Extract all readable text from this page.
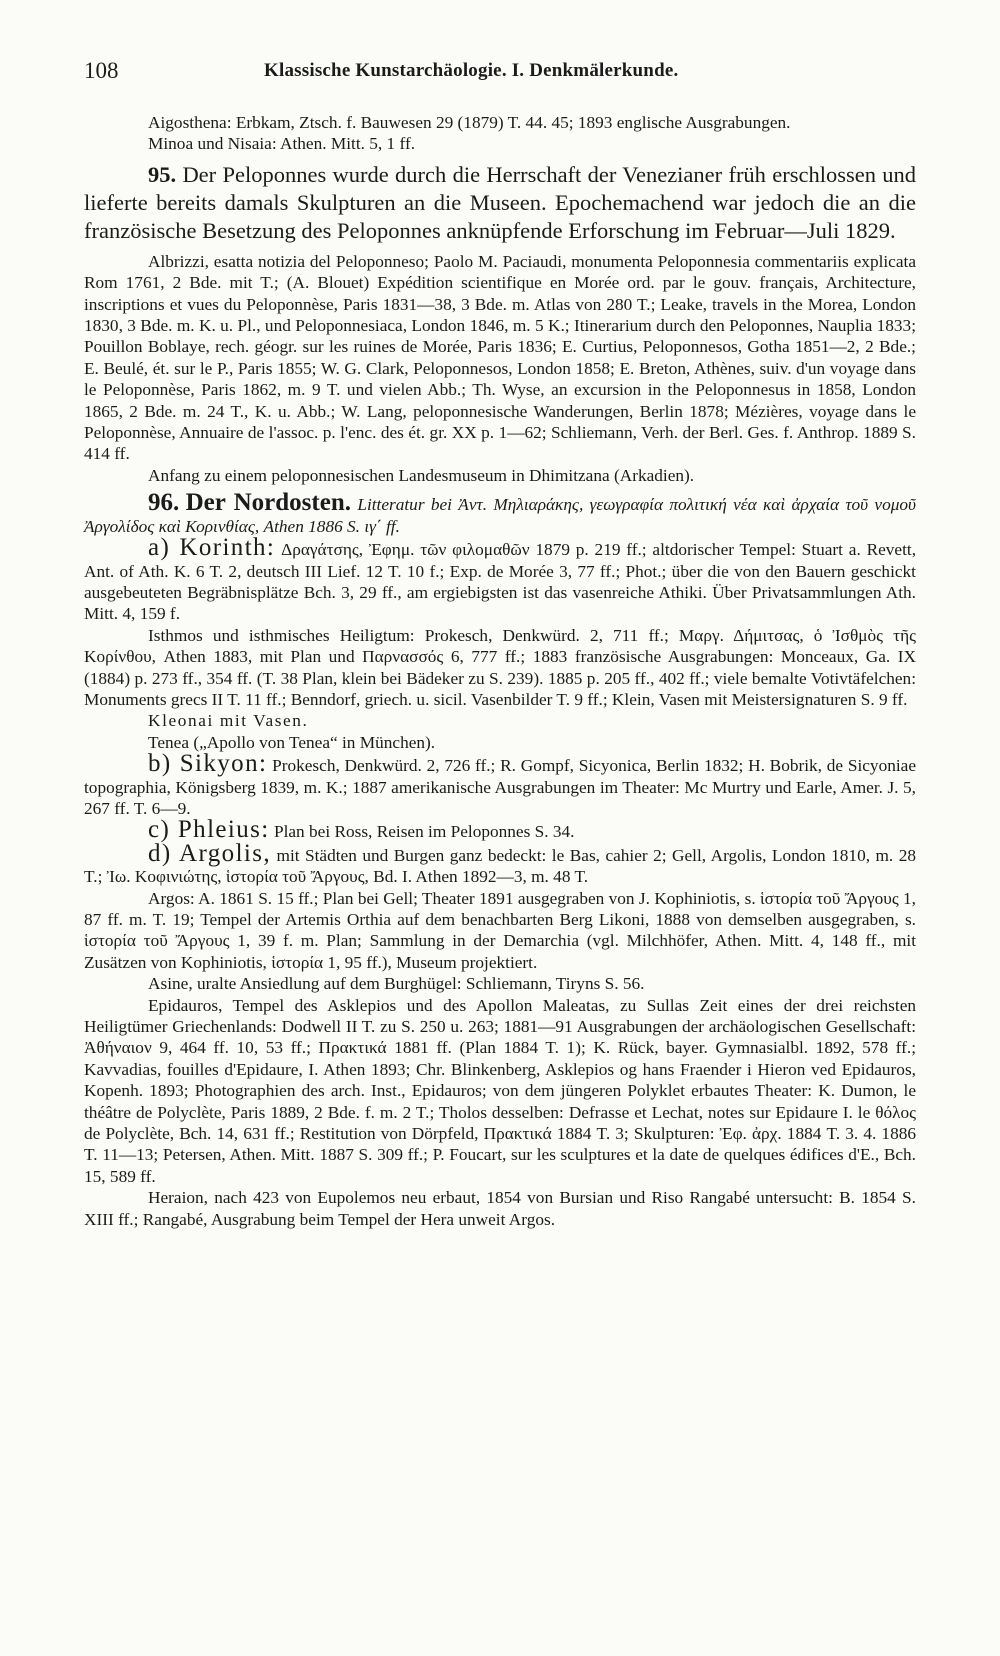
108	Klassische Kunstarchäologie. I. Denkmälerkunde.

Aigosthena: Erbkam, Ztsch. f. Bauwesen 29 (1879) T. 44. 45; 1893 englische Ausgrabungen.

Minoa und Nisaia: Athen. Mitt. 5, 1 ff.

95. Der Peloponnes wurde durch die Herrschaft der Venezianer früh erschlossen und lieferte bereits damals Skulpturen an die Museen. Epochemachend war jedoch die an die französische Besetzung des Peloponnes anknüpfende Erforschung im Februar—Juli 1829.

Albrizzi, esatta notizia del Peloponneso; Paolo M. Paciaudi, monumenta Peloponnesia commentariis explicata Rom 1761, 2 Bde. mit T.; (A. Blouet) Expédition scientifique en Morée ord. par le gouv. français, Architecture, inscriptions et vues du Peloponnèse, Paris 1831—38, 3 Bde. m. Atlas von 280 T.; Leake, travels in the Morea, London 1830, 3 Bde. m. K. u. Pl., und Peloponnesiaca, London 1846, m. 5 K.; Itinerarium durch den Peloponnes, Nauplia 1833; Pouillon Boblaye, rech. géogr. sur les ruines de Morée, Paris 1836; E. Curtius, Peloponnesos, Gotha 1851—2, 2 Bde.; E. Beulé, ét. sur le P., Paris 1855; W. G. Clark, Peloponnesos, London 1858; E. Breton, Athènes, suiv. d'un voyage dans le Peloponnèse, Paris 1862, m. 9 T. und vielen Abb.; Th. Wyse, an excursion in the Peloponnesus in 1858, London 1865, 2 Bde. m. 24 T., K. u. Abb.; W. Lang, peloponnesische Wanderungen, Berlin 1878; Mézières, voyage dans le Peloponnèse, Annuaire de l'assoc. p. l'enc. des ét. gr. XX p. 1—62; Schliemann, Verh. der Berl. Ges. f. Anthrop. 1889 S. 414 ff.

Anfang zu einem peloponnesischen Landesmuseum in Dhimitzana (Arkadien).

96. Der Nordosten. Litteratur bei Ἀντ. Μηλιαράκης, γεωγραφία πολιτική νέα καὶ ἀρχαία τοῦ νομοῦ Ἀργολίδος καὶ Κορινθίας, Athen 1886 S. ιγ΄ ff.

a) Korinth: Δραγάτσης, Ἐφημ. τῶν φιλομαθῶν 1879 p. 219 ff.; altdorischer Tempel: Stuart a. Revett, Ant. of Ath. K. 6 T. 2, deutsch III Lief. 12 T. 10 f.; Exp. de Morée 3, 77 ff.; Phot.; über die von den Bauern geschickt ausgebeuteten Begräbnisplätze Bch. 3, 29 ff., am ergiebigsten ist das vasenreiche Athiki. Über Privatsammlungen Ath. Mitt. 4, 159 f.

Isthmos und isthmisches Heiligtum: Prokesch, Denkwürd. 2, 711 ff.; Μαργ. Δήμιτσας, ὁ Ἰσθμὸς τῆς Κορίνθου, Athen 1883, mit Plan und Παρνασσός 6, 777 ff.; 1883 französische Ausgrabungen: Monceaux, Ga. IX (1884) p. 273 ff., 354 ff. (T. 38 Plan, klein bei Bädeker zu S. 239). 1885 p. 205 ff., 402 ff.; viele bemalte Votivtäfelchen: Monuments grecs II T. 11 ff.; Benndorf, griech. u. sicil. Vasenbilder T. 9 ff.; Klein, Vasen mit Meistersignaturen S. 9 ff.

Kleonai mit Vasen.

Tenea („Apollo von Tenea“ in München).

b) Sikyon: Prokesch, Denkwürd. 2, 726 ff.; R. Gompf, Sicyonica, Berlin 1832; H. Bobrik, de Sicyoniae topographia, Königsberg 1839, m. K.; 1887 amerikanische Ausgrabungen im Theater: Mc Murtry und Earle, Amer. J. 5, 267 ff. T. 6—9.

c) Phleius: Plan bei Ross, Reisen im Peloponnes S. 34.

d) Argolis, mit Städten und Burgen ganz bedeckt: le Bas, cahier 2; Gell, Argolis, London 1810, m. 28 T.; Ἰω. Κοφινιώτης, ἱστορία τοῦ Ἄργους, Bd. I. Athen 1892—3, m. 48 T.

Argos: A. 1861 S. 15 ff.; Plan bei Gell; Theater 1891 ausgegraben von J. Kophiniotis, s. ἱστορία τοῦ Ἄργους 1, 87 ff. m. T. 19; Tempel der Artemis Orthia auf dem benachbarten Berg Likoni, 1888 von demselben ausgegraben, s. ἱστορία τοῦ Ἄργους 1, 39 f. m. Plan; Sammlung in der Demarchia (vgl. Milchhöfer, Athen. Mitt. 4, 148 ff., mit Zusätzen von Kophiniotis, ἱστορία 1, 95 ff.), Museum projektiert.

Asine, uralte Ansiedlung auf dem Burghügel: Schliemann, Tiryns S. 56.

Epidauros, Tempel des Asklepios und des Apollon Maleatas, zu Sullas Zeit eines der drei reichsten Heiligtümer Griechenlands: Dodwell II T. zu S. 250 u. 263; 1881—91 Ausgrabungen der archäologischen Gesellschaft: Ἀθήναιον 9, 464 ff. 10, 53 ff.; Πρακτικά 1881 ff. (Plan 1884 T. 1); K. Rück, bayer. Gymnasialbl. 1892, 578 ff.; Kavvadias, fouilles d'Epidaure, I. Athen 1893; Chr. Blinkenberg, Asklepios og hans Fraender i Hieron ved Epidauros, Kopenh. 1893; Photographien des arch. Inst., Epidauros; von dem jüngeren Polyklet erbautes Theater: K. Dumon, le théâtre de Polyclète, Paris 1889, 2 Bde. f. m. 2 T.; Tholos desselben: Defrasse et Lechat, notes sur Epidaure I. le θόλος de Polyclète, Bch. 14, 631 ff.; Restitution von Dörpfeld, Πρακτικά 1884 T. 3; Skulpturen: Ἐφ. ἀρχ. 1884 T. 3. 4. 1886 T. 11—13; Petersen, Athen. Mitt. 1887 S. 309 ff.; P. Foucart, sur les sculptures et la date de quelques édifices d'E., Bch. 15, 589 ff.

Heraion, nach 423 von Eupolemos neu erbaut, 1854 von Bursian und Riso Rangabé untersucht: B. 1854 S. XIII ff.; Rangabé, Ausgrabung beim Tempel der Hera unweit Argos.
